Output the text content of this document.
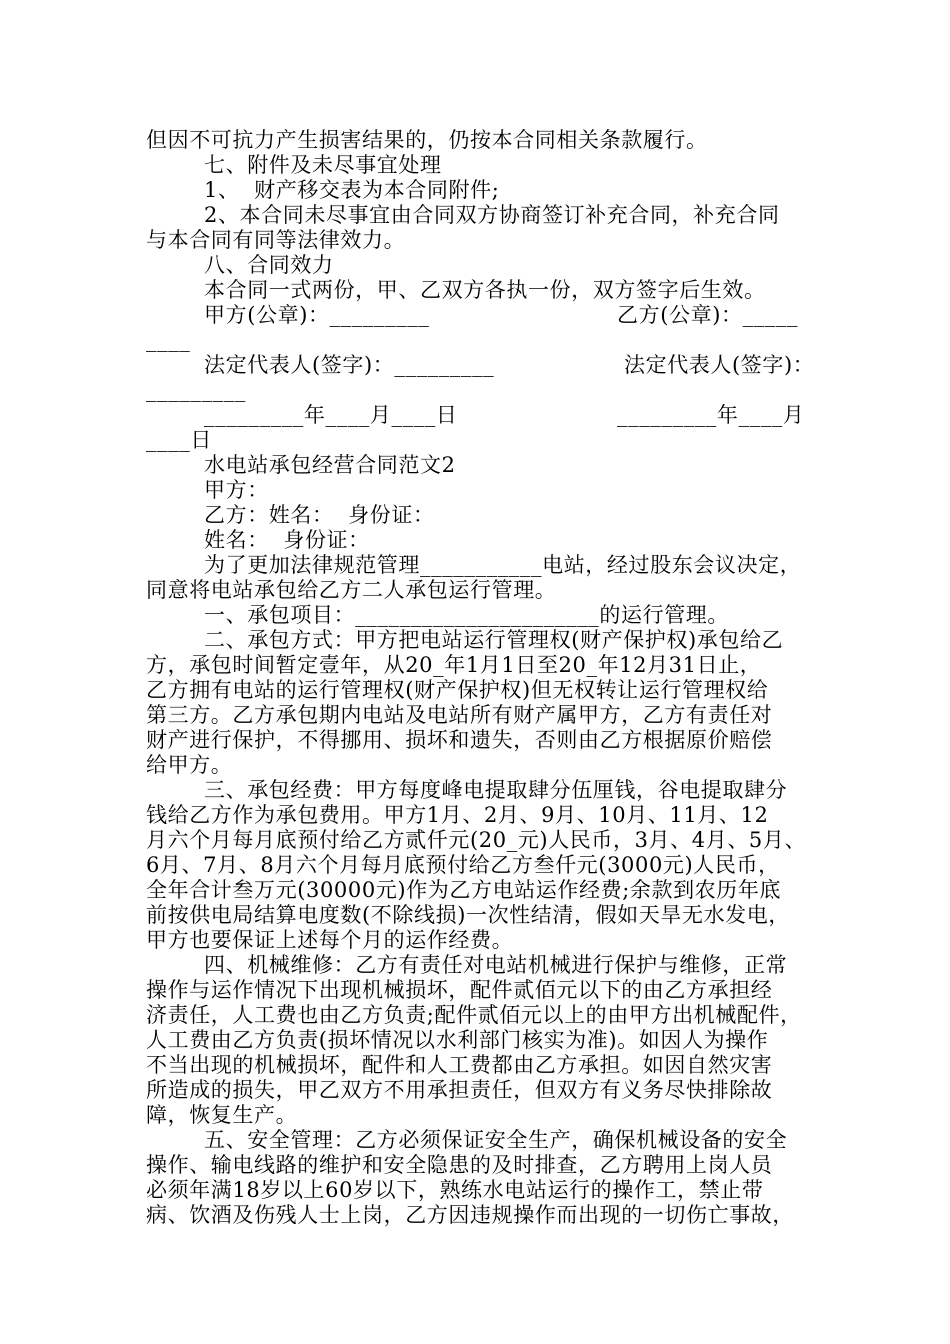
但因不可抗力产生损害结果的，仍按本合同相关条款履行。
七、附件及未尽事宜处理
1、  财产移交表为本合同附件;
2、本合同未尽事宜由合同双方协商签订补充合同，补充合同
与本合同有同等法律效力。
八、合同效力
本合同一式两份，甲、乙双方各执一份，双方签字后生效。
甲方(公章)：_________	乙方(公章)：_____
____
法定代表人(签字)：_________	法定代表人(签字)：
_________
_________年____月____日	_________年____月
____日
水电站承包经营合同范文2
甲方：
乙方：姓名：  身份证：
姓名：  身份证：
为了更加法律规范管理___________电站，经过股东会议决定，
同意将电站承包给乙方二人承包运行管理。
一、承包项目：______________________的运行管理。
二、承包方式：甲方把电站运行管理权(财产保护权)承包给乙
方，承包时间暂定壹年，从20_年1月1日至20_年12月31日止，
乙方拥有电站的运行管理权(财产保护权)但无权转让运行管理权给
第三方。乙方承包期内电站及电站所有财产属甲方，乙方有责任对
财产进行保护，不得挪用、损坏和遗失，否则由乙方根据原价赔偿
给甲方。
三、承包经费：甲方每度峰电提取肆分伍厘钱，谷电提取肆分
钱给乙方作为承包费用。甲方1月、2月、9月、10月、11月、12
月六个月每月底预付给乙方贰仟元(20_元)人民币，3月、4月、5月、
6月、7月、8月六个月每月底预付给乙方叁仟元(3000元)人民币，
全年合计叁万元(30000元)作为乙方电站运作经费;余款到农历年底
前按供电局结算电度数(不除线损)一次性结清，假如天旱无水发电，
甲方也要保证上述每个月的运作经费。
四、机械维修：乙方有责任对电站机械进行保护与维修，正常
操作与运作情况下出现机械损坏，配件贰佰元以下的由乙方承担经
济责任，人工费也由乙方负责;配件贰佰元以上的由甲方出机械配件，
人工费由乙方负责(损坏情况以水利部门核实为准)。如因人为操作
不当出现的机械损坏，配件和人工费都由乙方承担。如因自然灾害
所造成的损失，甲乙双方不用承担责任，但双方有义务尽快排除故
障，恢复生产。
五、安全管理：乙方必须保证安全生产，确保机械设备的安全
操作、输电线路的维护和安全隐患的及时排查，乙方聘用上岗人员
必须年满18岁以上60岁以下，熟练水电站运行的操作工，禁止带
病、饮酒及伤残人士上岗，乙方因违规操作而出现的一切伤亡事故，
